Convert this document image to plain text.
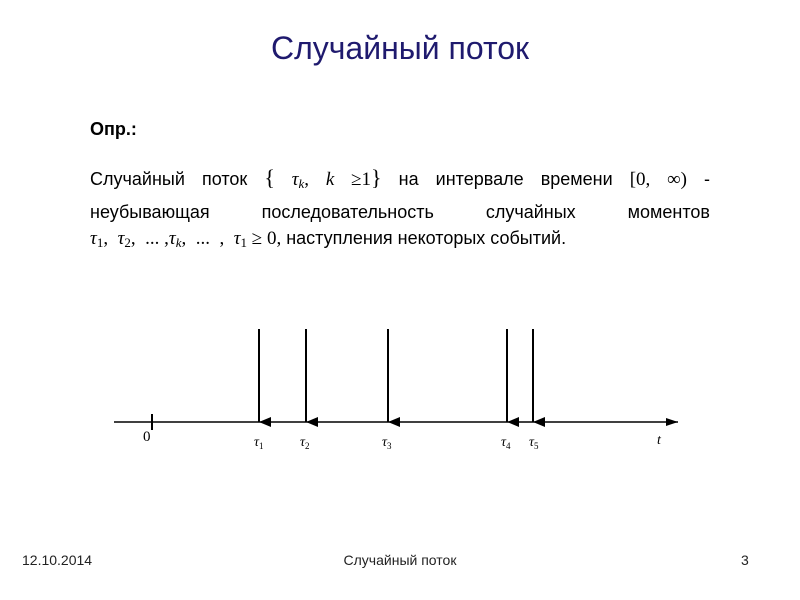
Случайный поток
Опр.:
Случайный поток { $\tau_k$, k ≥1} на интервале времени [0, ∞) -
неубывающая	последовательность	случайных	моментов
$\tau_1$, $\tau_2$, ... $,\tau_k$, ... , $\tau_1 \ge 0$, наступления некоторых событий.
0	t
$\tau_1$	$\tau_2$	$\tau_3$	$\tau_4$ $\tau_5$
12.10.2014	Случайный поток	3
